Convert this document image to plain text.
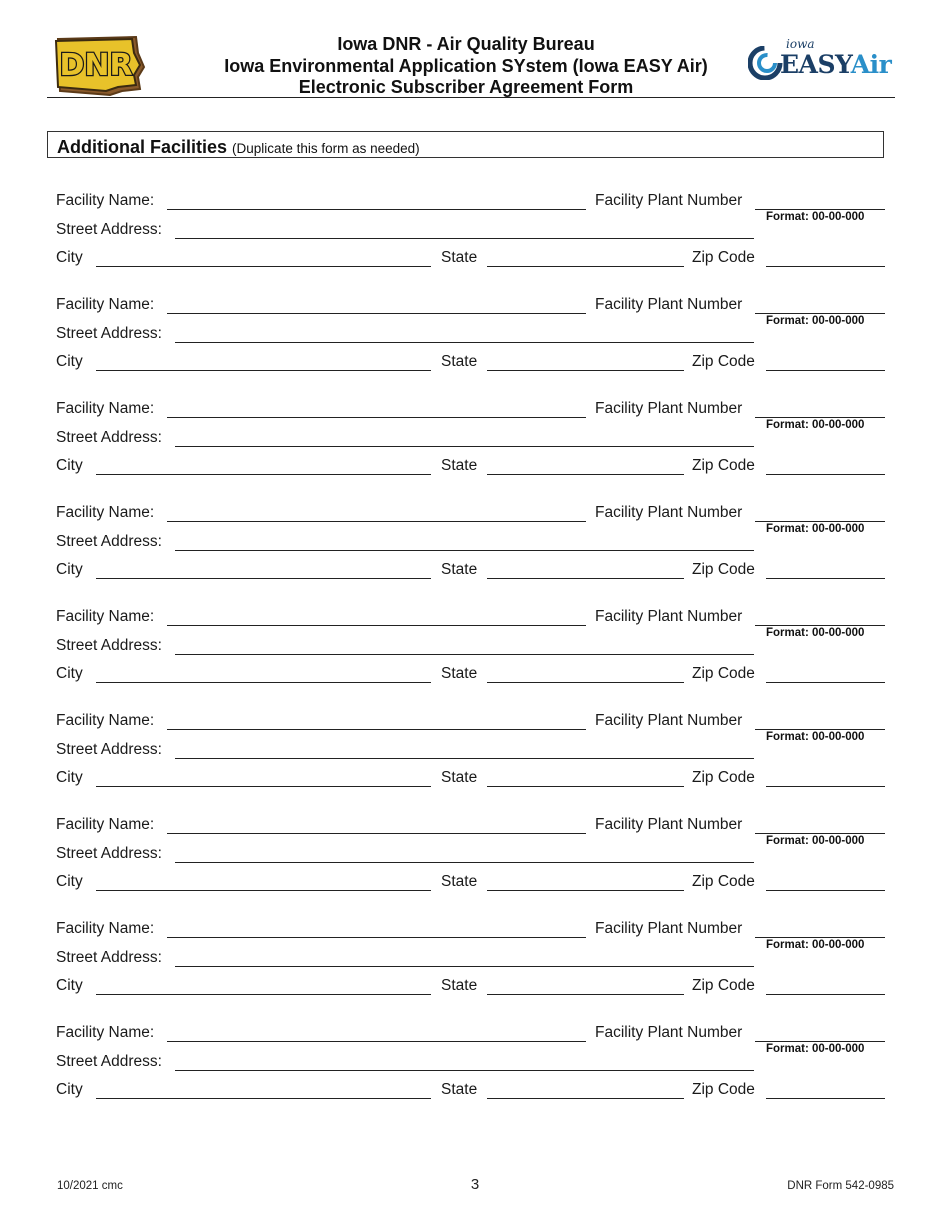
DNR
Iowa DNR - Air Quality Bureau
Iowa Environmental Application SYstem (Iowa EASY Air)
Electronic Subscriber Agreement Form
iowa
EASYAir
Additional Facilities (Duplicate this form as needed)
Facility Name:	Facility Plant Number
Format: 00-00-000
Street Address:
City	State	Zip Code
Facility Name:	Facility Plant Number
Format: 00-00-000
Street Address:
City	State	Zip Code
Facility Name:	Facility Plant Number
Format: 00-00-000
Street Address:
City	State	Zip Code
Facility Name:	Facility Plant Number
Format: 00-00-000
Street Address:
City	State	Zip Code
Facility Name:	Facility Plant Number
Format: 00-00-000
Street Address:
City	State	Zip Code
Facility Name:	Facility Plant Number
Format: 00-00-000
Street Address:
City	State	Zip Code
Facility Name:	Facility Plant Number
Format: 00-00-000
Street Address:
City	State	Zip Code
Facility Name:	Facility Plant Number
Format: 00-00-000
Street Address:
City	State	Zip Code
Facility Name:	Facility Plant Number
Format: 00-00-000
Street Address:
City	State	Zip Code
10/2021 cmc	3	DNR Form 542-0985
